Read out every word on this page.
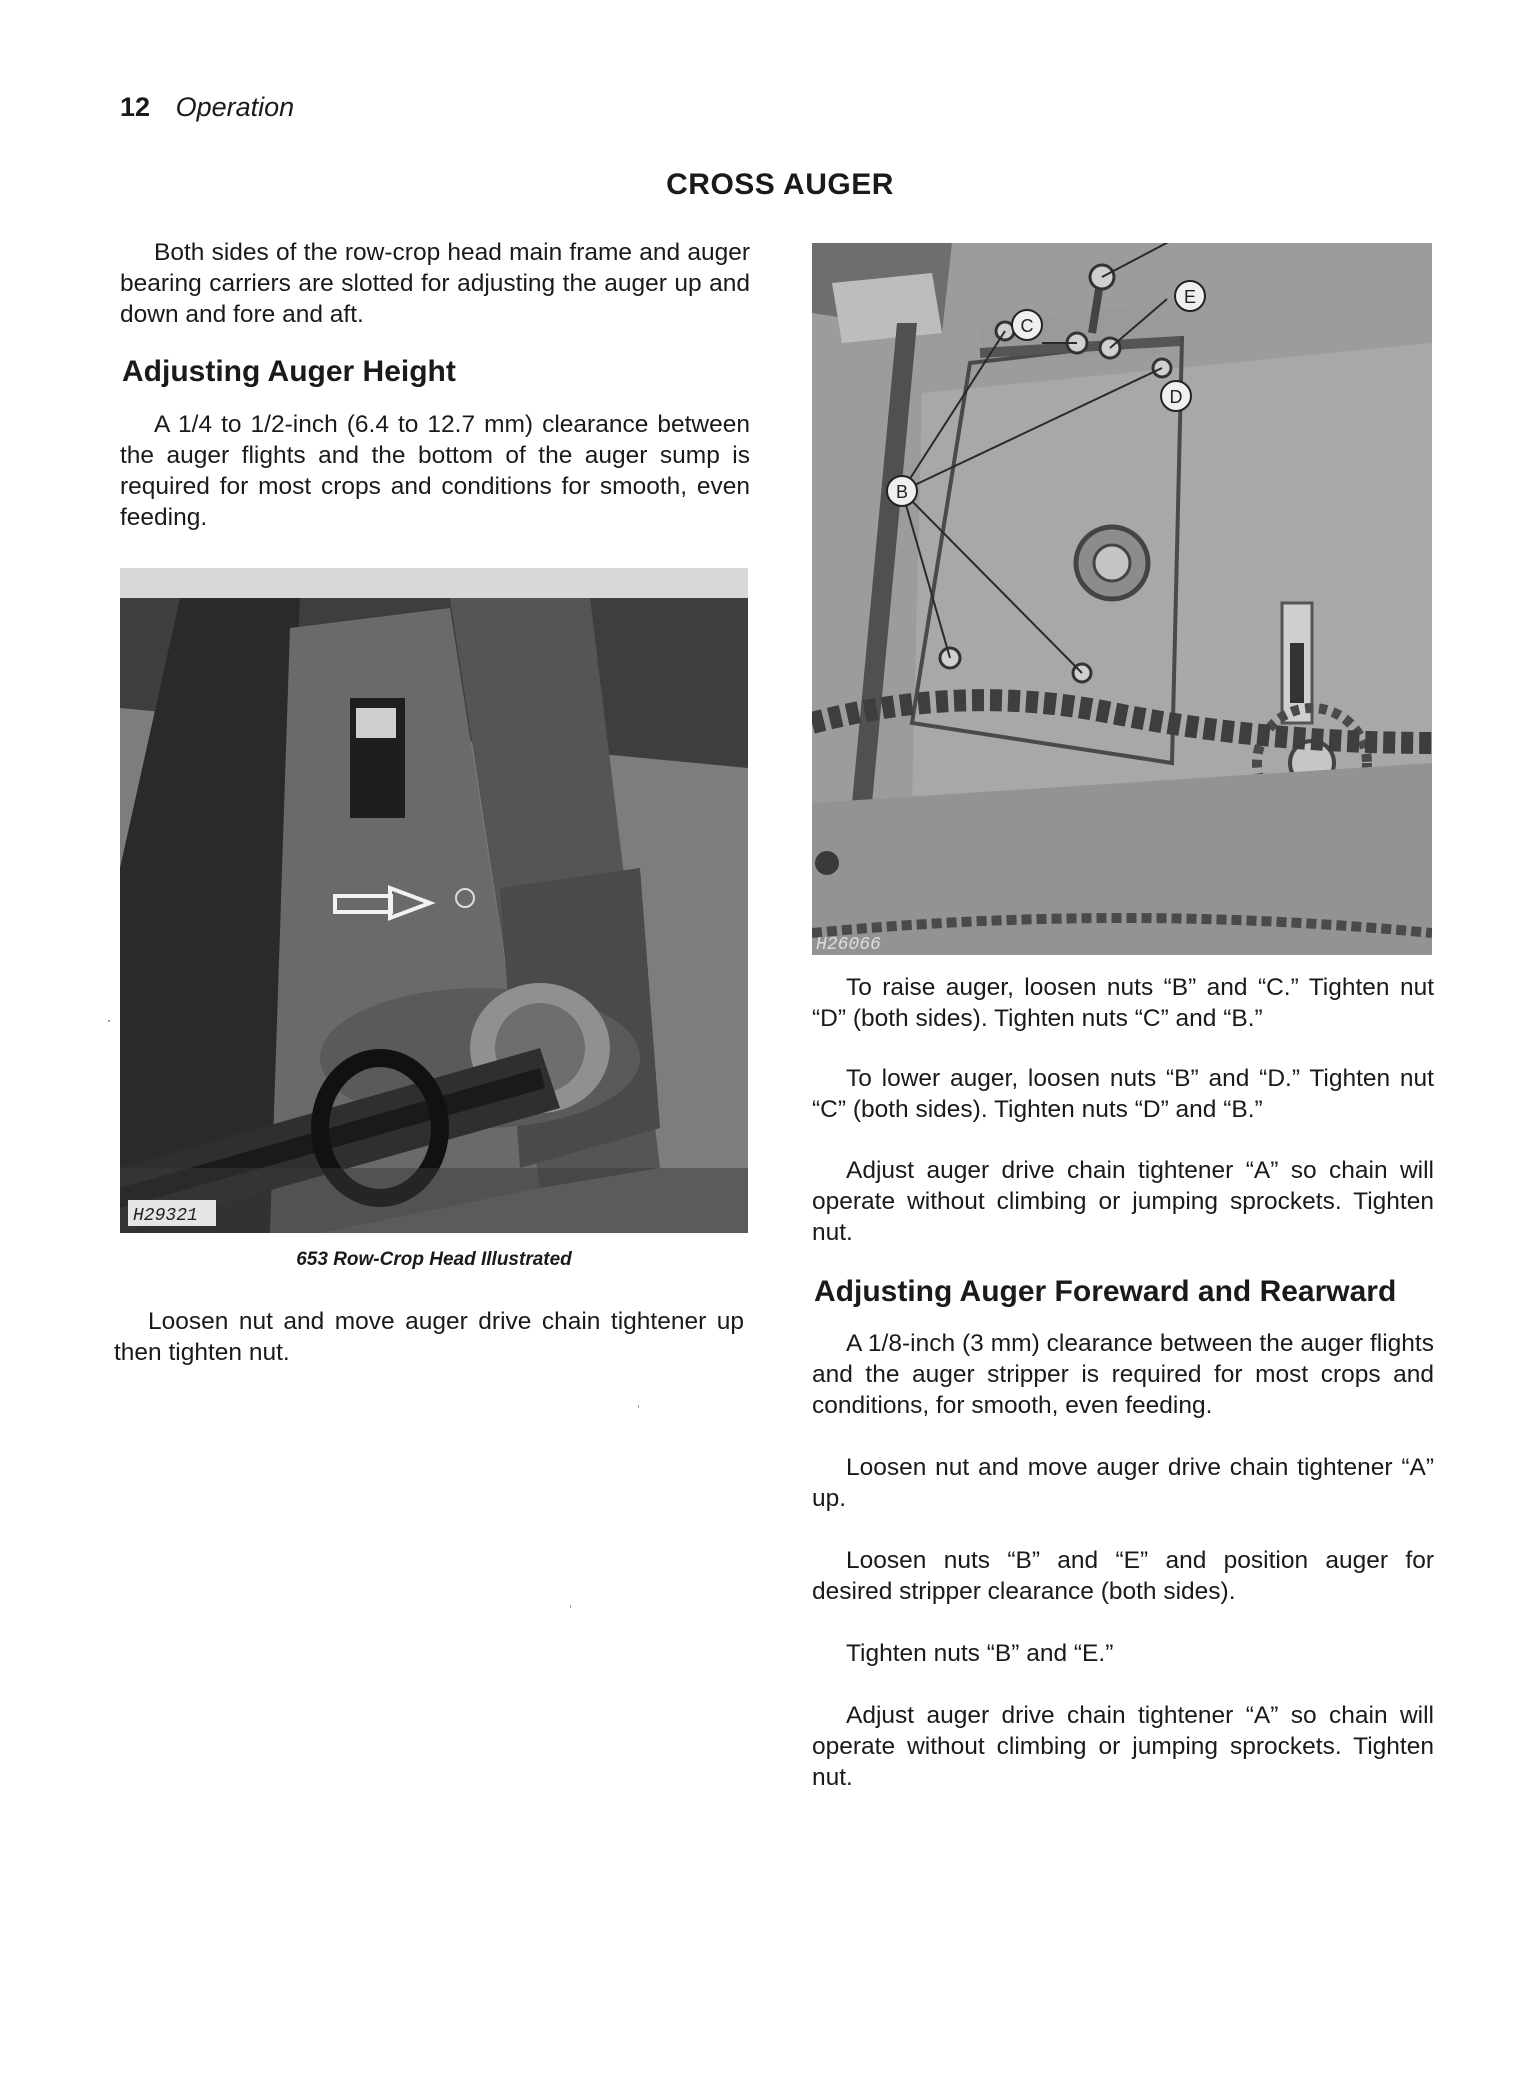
12 Operation
CROSS AUGER

Both sides of the row-crop head main frame and auger bearing carriers are slotted for adjusting the auger up and down and fore and aft.

Adjusting Auger Height

A 1/4 to 1/2-inch (6.4 to 12.7 mm) clearance between the auger flights and the bottom of the auger sump is required for most crops and conditions for smooth, even feeding.

H29321
653 Row-Crop Head Illustrated

Loosen nut and move auger drive chain tightener up then tighten nut.

B
C
D
E
H26066

To raise auger, loosen nuts “B” and “C.” Tighten nut “D” (both sides). Tighten nuts “C” and “B.”

To lower auger, loosen nuts “B” and “D.” Tighten nut “C” (both sides). Tighten nuts “D” and “B.”

Adjust auger drive chain tightener “A” so chain will operate without climbing or jumping sprockets. Tighten nut.

Adjusting Auger Foreward and Rearward

A 1/8-inch (3 mm) clearance between the auger flights and the auger stripper is required for most crops and conditions, for smooth, even feeding.

Loosen nut and move auger drive chain tightener “A” up.

Loosen nuts “B” and “E” and position auger for desired stripper clearance (both sides).

Tighten nuts “B” and “E.”

Adjust auger drive chain tightener “A” so chain will operate without climbing or jumping sprockets. Tighten nut.
